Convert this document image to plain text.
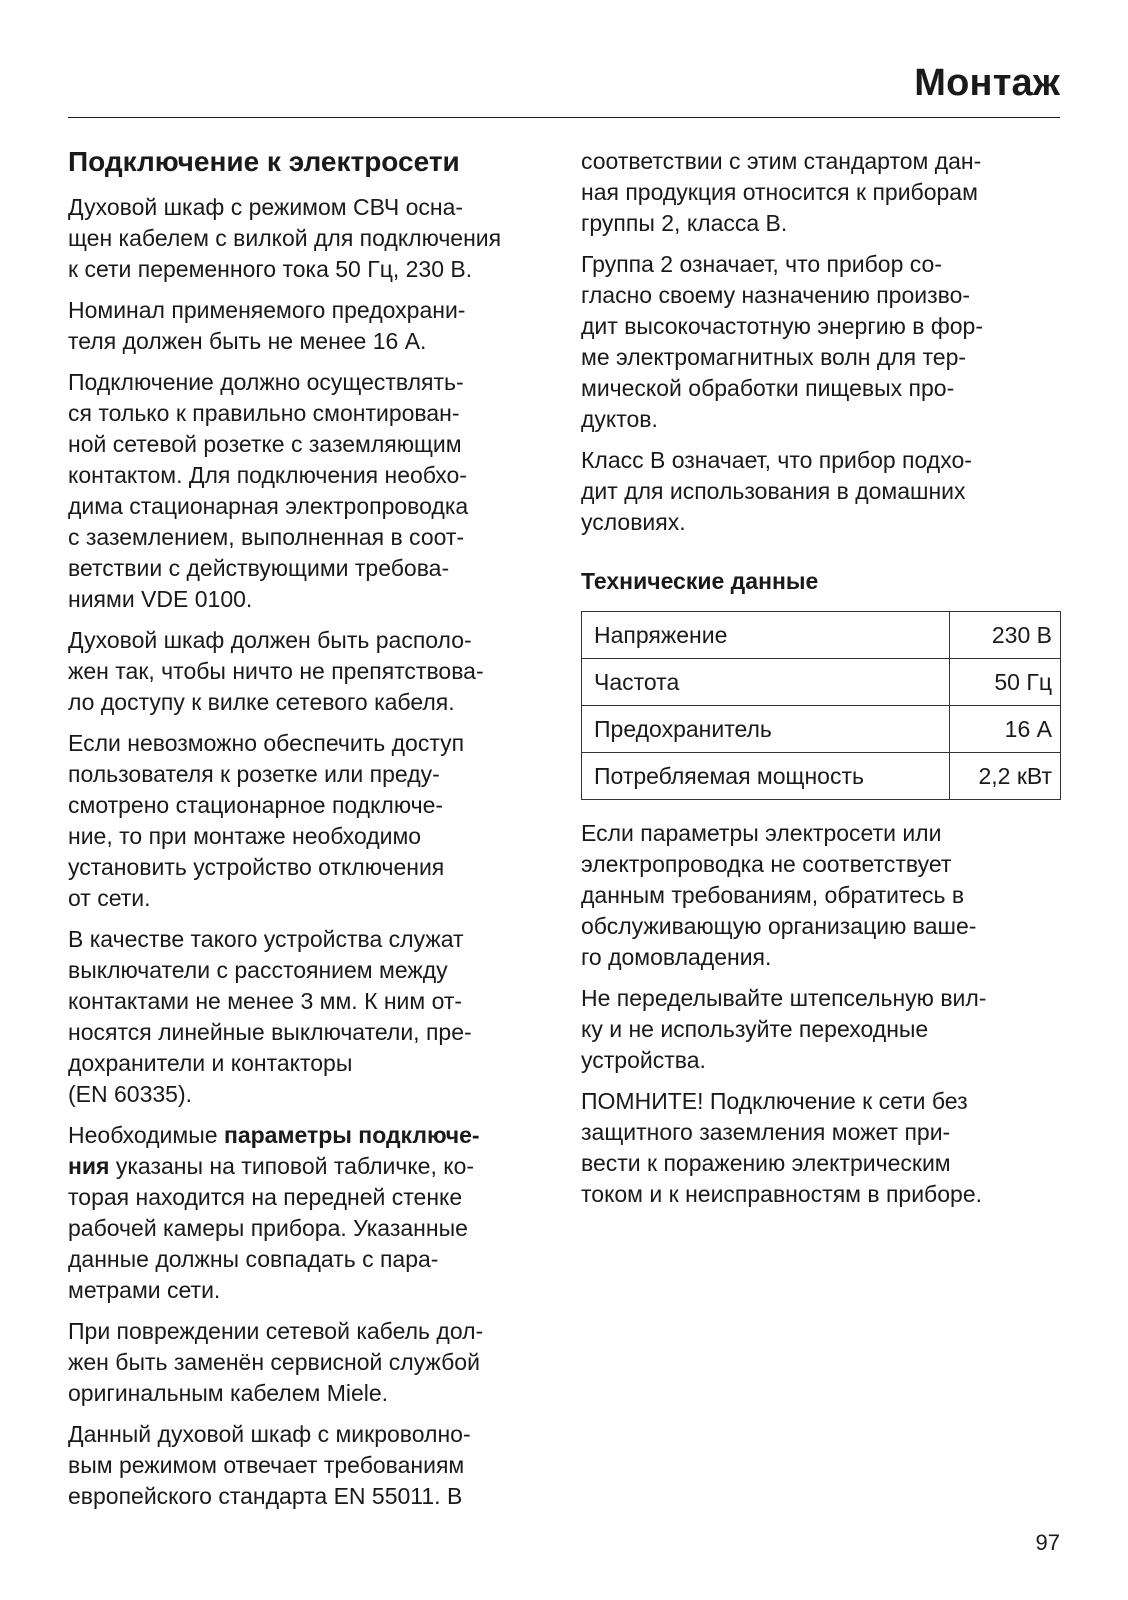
Монтаж
Подключение к электросети

Духовой шкаф с режимом СВЧ осна-
щен кабелем с вилкой для подключения
к сети переменного тока 50 Гц, 230 В.

Номинал применяемого предохрани-
теля должен быть не менее 16 А.

Подключение должно осуществлять-
ся только к правильно смонтирован-
ной сетевой розетке с заземляющим
контактом. Для подключения необхо-
дима стационарная электропроводка
с заземлением, выполненная в соот-
ветствии с действующими требова-
ниями VDE 0100.

Духовой шкаф должен быть располо-
жен так, чтобы ничто не препятствова-
ло доступу к вилке сетевого кабеля.

Если невозможно обеспечить доступ
пользователя к розетке или преду-
смотрено стационарное подключе-
ние, то при монтаже необходимо
установить устройство отключения
от сети.

В качестве такого устройства служат
выключатели с расстоянием между
контактами не менее 3 мм. К ним от-
носятся линейные выключатели, пре-
дохранители и контакторы
(EN 60335).

Необходимые параметры подключе-
ния указаны на типовой табличке, ко-
торая находится на передней стенке
рабочей камеры прибора. Указанные
данные должны совпадать с пара-
метрами сети.

При повреждении сетевой кабель дол-
жен быть заменён сервисной службой
оригинальным кабелем Miele.

Данный духовой шкаф с микроволно-
вым режимом отвечает требованиям
европейского стандарта EN 55011. В

соответствии с этим стандартом дан-
ная продукция относится к приборам
группы 2, класса В.

Группа 2 означает, что прибор со-
гласно своему назначению произво-
дит высокочастотную энергию в фор-
ме электромагнитных волн для тер-
мической обработки пищевых про-
дуктов.

Класс В означает, что прибор подхо-
дит для использования в домашних
условиях.

Технические данные
Напряжение	230 В
Частота	50 Гц
Предохранитель	16 А
Потребляемая мощность	2,2 кВт

Если параметры электросети или
электропроводка не соответствует
данным требованиям, обратитесь в
обслуживающую организацию ваше-
го домовладения.

Не переделывайте штепсельную вил-
ку и не используйте переходные
устройства.

ПОМНИТЕ! Подключение к сети без
защитного заземления может при-
вести к поражению электрическим
током и к неисправностям в приборе.

97
